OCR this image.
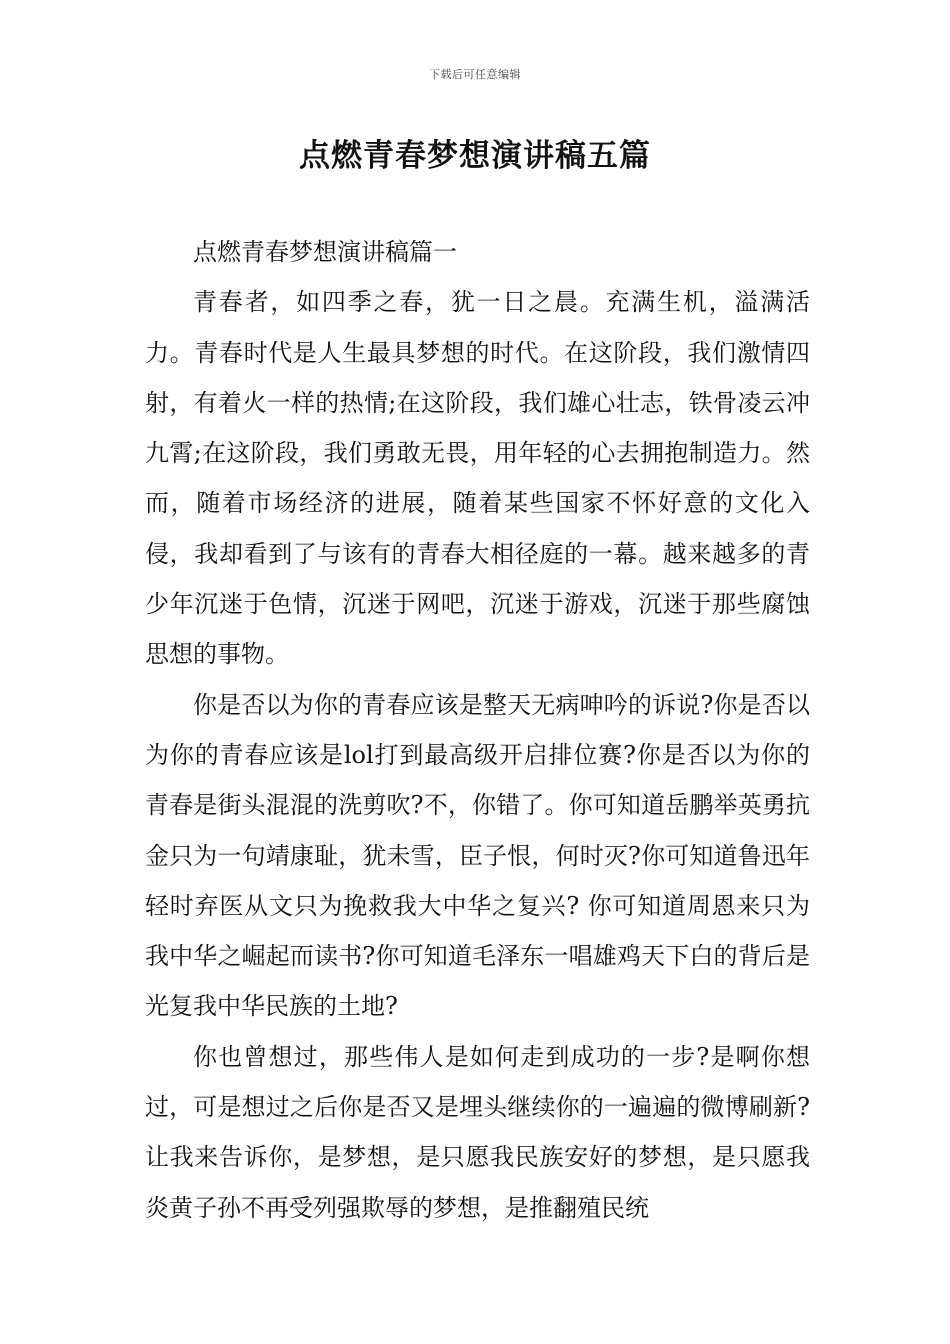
下载后可任意编辑
点燃青春梦想演讲稿五篇

点燃青春梦想演讲稿篇一

青春者，如四季之春，犹一日之晨。充满生机，溢满活力。青春时代是人生最具梦想的时代。在这阶段，我们激情四射，有着火一样的热情;在这阶段，我们雄心壮志，铁骨凌云冲九霄;在这阶段，我们勇敢无畏，用年轻的心去拥抱制造力。然而，随着市场经济的进展，随着某些国家不怀好意的文化入侵，我却看到了与该有的青春大相径庭的一幕。越来越多的青少年沉迷于色情，沉迷于网吧，沉迷于游戏，沉迷于那些腐蚀思想的事物。

你是否以为你的青春应该是整天无病呻吟的诉说?你是否以为你的青春应该是lol打到最高级开启排位赛?你是否以为你的青春是街头混混的洗剪吹?不，你错了。你可知道岳鹏举英勇抗金只为一句靖康耻，犹未雪，臣子恨，何时灭?你可知道鲁迅年轻时弃医从文只为挽救我大中华之复兴? 你可知道周恩来只为我中华之崛起而读书?你可知道毛泽东一唱雄鸡天下白的背后是光复我中华民族的土地?

你也曾想过，那些伟人是如何走到成功的一步?是啊你想过，可是想过之后你是否又是埋头继续你的一遍遍的微博刷新?让我来告诉你，是梦想，是只愿我民族安好的梦想，是只愿我炎黄子孙不再受列强欺辱的梦想，是推翻殖民统
